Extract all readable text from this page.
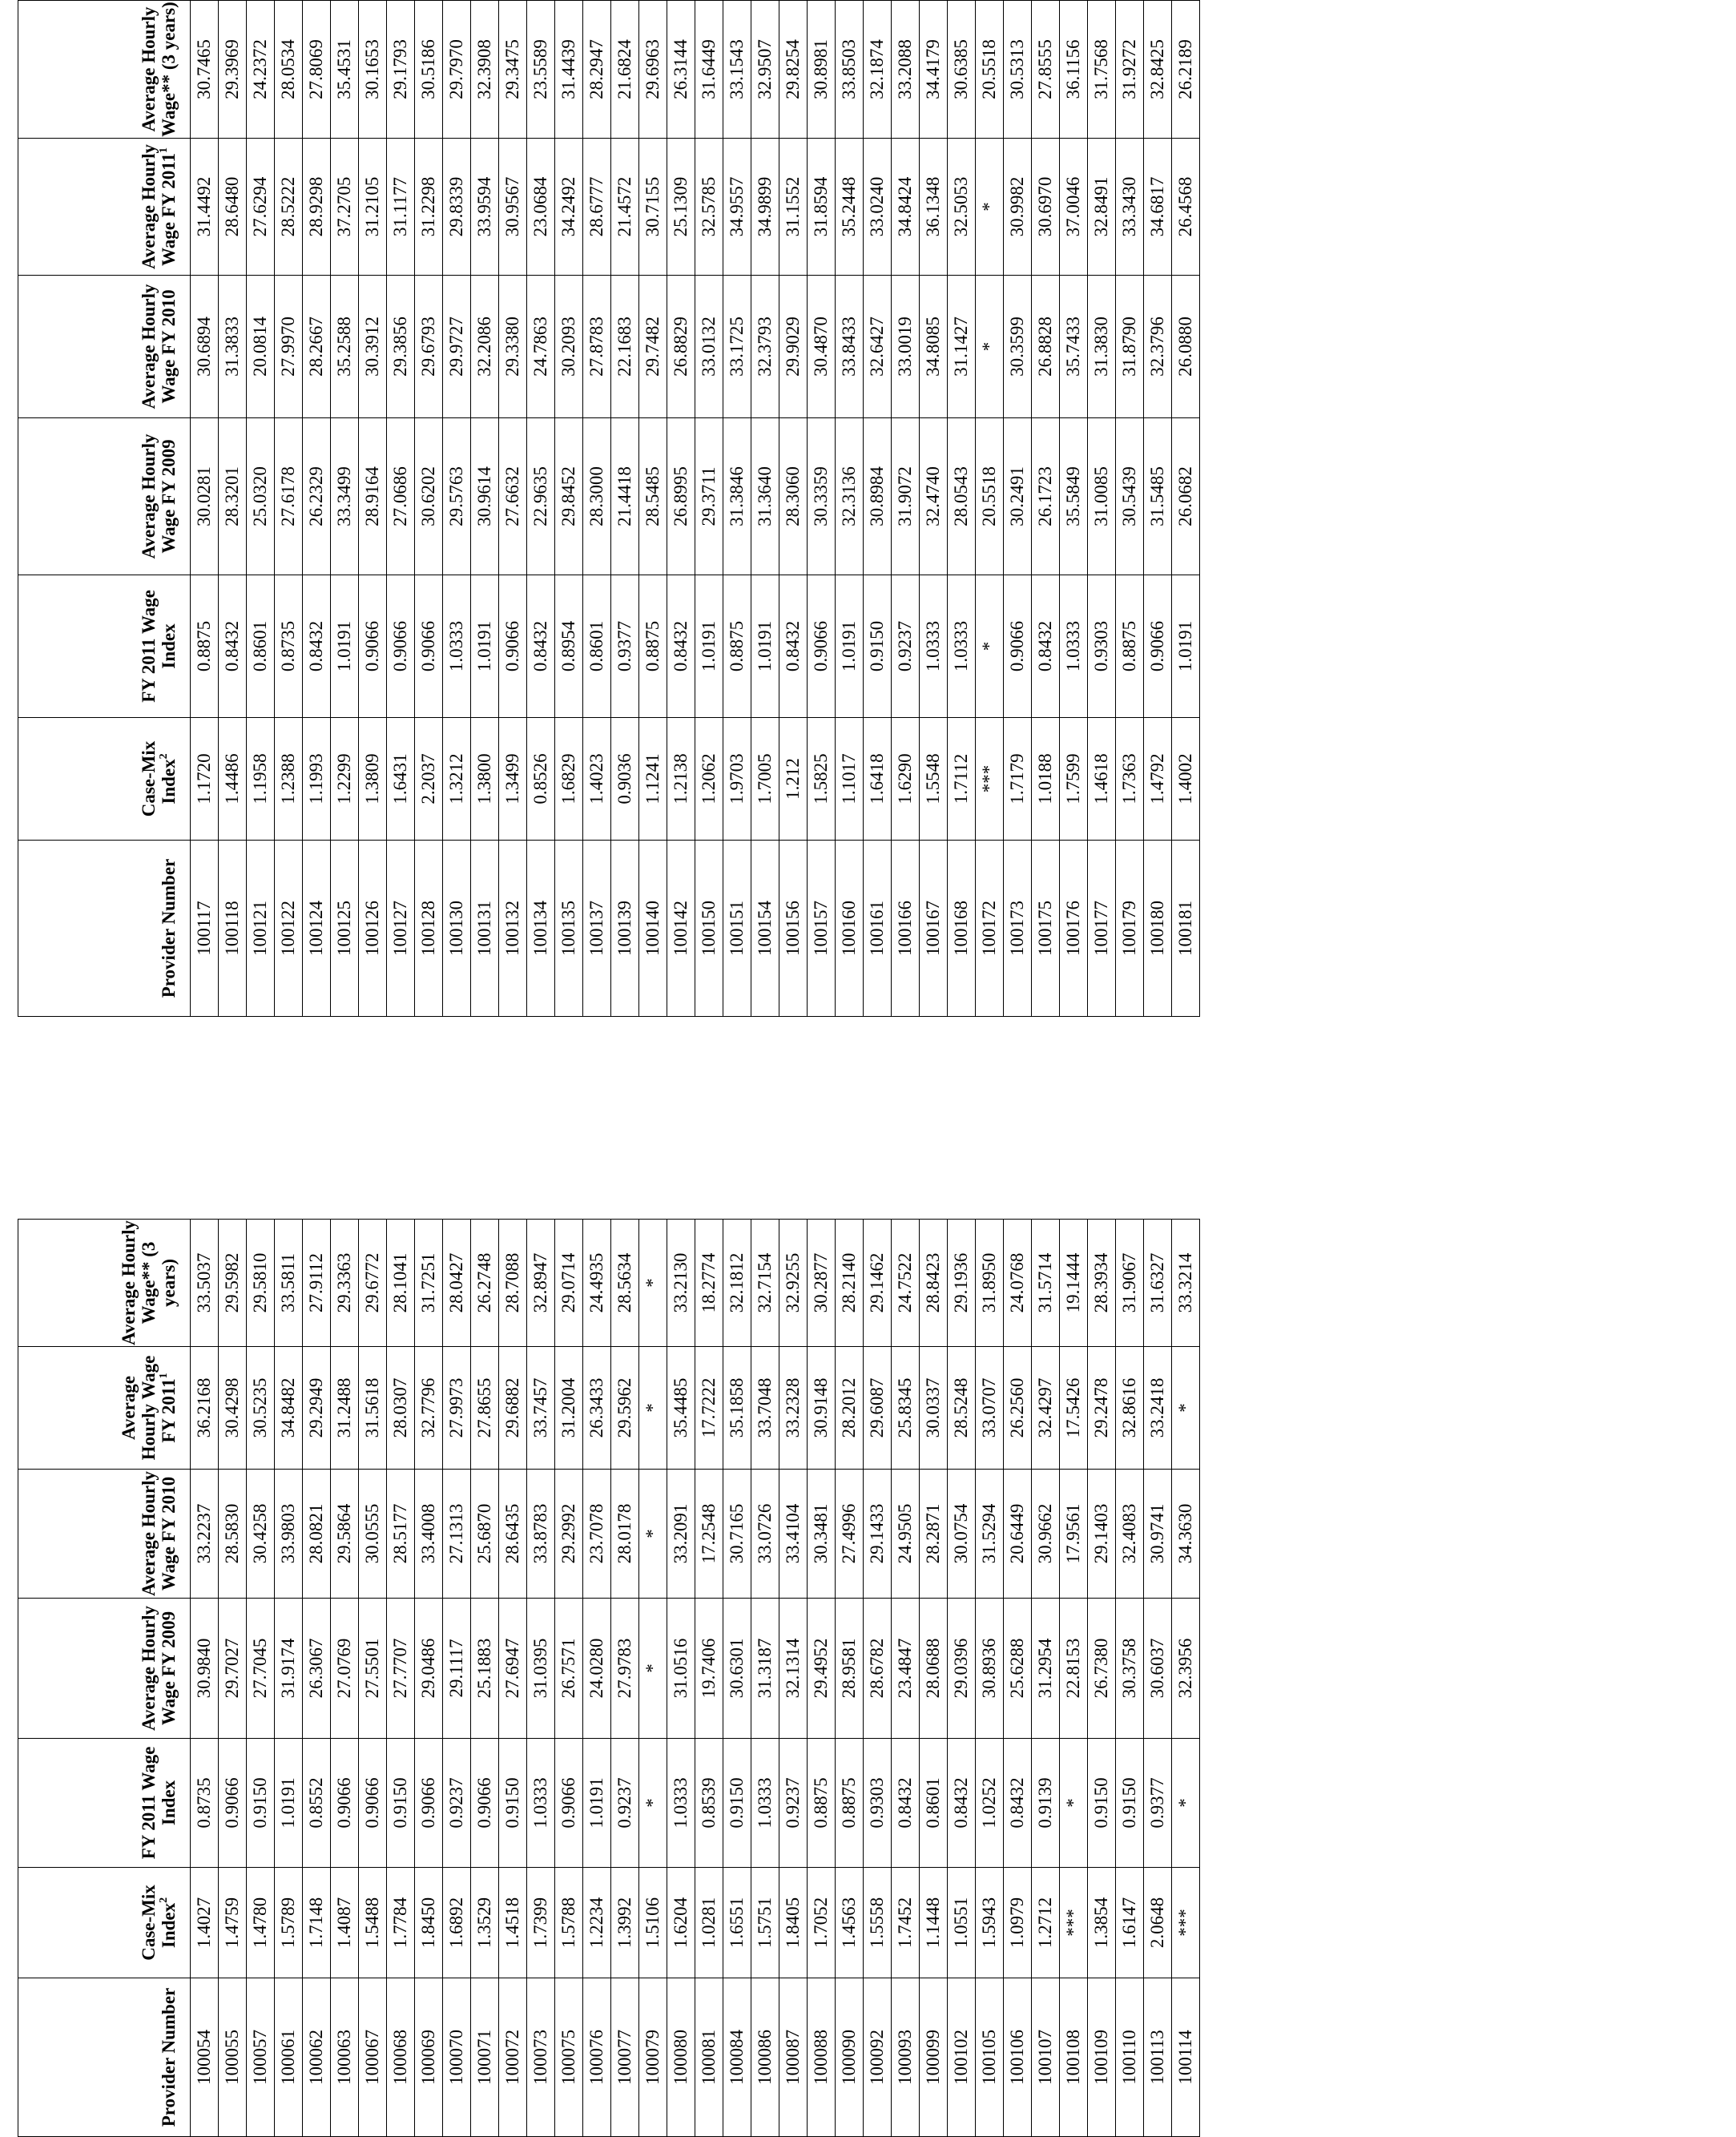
Provider Number	Case-Mix Index$^2$	FY 2011 Wage Index	Average Hourly Wage FY 2009	Average Hourly Wage FY 2010	Average Hourly Wage FY 2011$^1$	Average Hourly Wage** (3 years)
100054	1.4027	0.8735	30.9840	33.2237	36.2168	33.5037
100055	1.4759	0.9066	29.7027	28.5830	30.4298	29.5982
100057	1.4780	0.9150	27.7045	30.4258	30.5235	29.5810
100061	1.5789	1.0191	31.9174	33.9803	34.8482	33.5811
100062	1.7148	0.8552	26.3067	28.0821	29.2949	27.9112
100063	1.4087	0.9066	27.0769	29.5864	31.2488	29.3363
100067	1.5488	0.9066	27.5501	30.0555	31.5618	29.6772
100068	1.7784	0.9150	27.7707	28.5177	28.0307	28.1041
100069	1.8450	0.9066	29.0486	33.4008	32.7796	31.7251
100070	1.6892	0.9237	29.1117	27.1313	27.9973	28.0427
100071	1.3529	0.9066	25.1883	25.6870	27.8655	26.2748
100072	1.4518	0.9150	27.6947	28.6435	29.6882	28.7088
100073	1.7399	1.0333	31.0395	33.8783	33.7457	32.8947
100075	1.5788	0.9066	26.7571	29.2992	31.2004	29.0714
100076	1.2234	1.0191	24.0280	23.7078	26.3433	24.4935
100077	1.3992	0.9237	27.9783	28.0178	29.5962	28.5634
100079	1.5106	*	*	*	*	*
100080	1.6204	1.0333	31.0516	33.2091	35.4485	33.2130
100081	1.0281	0.8539	19.7406	17.2548	17.7222	18.2774
100084	1.6551	0.9150	30.6301	30.7165	35.1858	32.1812
100086	1.5751	1.0333	31.3187	33.0726	33.7048	32.7154
100087	1.8405	0.9237	32.1314	33.4104	33.2328	32.9255
100088	1.7052	0.8875	29.4952	30.3481	30.9148	30.2877
100090	1.4563	0.8875	28.9581	27.4996	28.2012	28.2140
100092	1.5558	0.9303	28.6782	29.1433	29.6087	29.1462
100093	1.7452	0.8432	23.4847	24.9505	25.8345	24.7522
100099	1.1448	0.8601	28.0688	28.2871	30.0337	28.8423
100102	1.0551	0.8432	29.0396	30.0754	28.5248	29.1936
100105	1.5943	1.0252	30.8936	31.5294	33.0707	31.8950
100106	1.0979	0.8432	25.6288	20.6449	26.2560	24.0768
100107	1.2712	0.9139	31.2954	30.9662	32.4297	31.5714
100108	***	*	22.8153	17.9561	17.5426	19.1444
100109	1.3854	0.9150	26.7380	29.1403	29.2478	28.3934
100110	1.6147	0.9150	30.3758	32.4083	32.8616	31.9067
100113	2.0648	0.9377	30.6037	30.9741	33.2418	31.6327
100114	***	*	32.3956	34.3630	*	33.3214
Provider Number	Case-Mix Index$^2$	FY 2011 Wage Index	Average Hourly Wage FY 2009	Average Hourly Wage FY 2010	Average Hourly Wage FY 2011$^1$	Average Hourly Wage** (3 years)
100117	1.1720	0.8875	30.0281	30.6894	31.4492	30.7465
100118	1.4486	0.8432	28.3201	31.3833	28.6480	29.3969
100121	1.1958	0.8601	25.0320	20.0814	27.6294	24.2372
100122	1.2388	0.8735	27.6178	27.9970	28.5222	28.0534
100124	1.1993	0.8432	26.2329	28.2667	28.9298	27.8069
100125	1.2299	1.0191	33.3499	35.2588	37.2705	35.4531
100126	1.3809	0.9066	28.9164	30.3912	31.2105	30.1653
100127	1.6431	0.9066	27.0686	29.3856	31.1177	29.1793
100128	2.2037	0.9066	30.6202	29.6793	31.2298	30.5186
100130	1.3212	1.0333	29.5763	29.9727	29.8339	29.7970
100131	1.3800	1.0191	30.9614	32.2086	33.9594	32.3908
100132	1.3499	0.9066	27.6632	29.3380	30.9567	29.3475
100134	0.8526	0.8432	22.9635	24.7863	23.0684	23.5589
100135	1.6829	0.8954	29.8452	30.2093	34.2492	31.4439
100137	1.4023	0.8601	28.3000	27.8783	28.6777	28.2947
100139	0.9036	0.9377	21.4418	22.1683	21.4572	21.6824
100140	1.1241	0.8875	28.5485	29.7482	30.7155	29.6963
100142	1.2138	0.8432	26.8995	26.8829	25.1309	26.3144
100150	1.2062	1.0191	29.3711	33.0132	32.5785	31.6449
100151	1.9703	0.8875	31.3846	33.1725	34.9557	33.1543
100154	1.7005	1.0191	31.3640	32.3793	34.9899	32.9507
100156	1.212	0.8432	28.3060	29.9029	31.1552	29.8254
100157	1.5825	0.9066	30.3359	30.4870	31.8594	30.8981
100160	1.1017	1.0191	32.3136	33.8433	35.2448	33.8503
100161	1.6418	0.9150	30.8984	32.6427	33.0240	32.1874
100166	1.6290	0.9237	31.9072	33.0019	34.8424	33.2088
100167	1.5548	1.0333	32.4740	34.8085	36.1348	34.4179
100168	1.7112	1.0333	28.0543	31.1427	32.5053	30.6385
100172	***	*	20.5518	*	*	20.5518
100173	1.7179	0.9066	30.2491	30.3599	30.9982	30.5313
100175	1.0188	0.8432	26.1723	26.8828	30.6970	27.8555
100176	1.7599	1.0333	35.5849	35.7433	37.0046	36.1156
100177	1.4618	0.9303	31.0085	31.3830	32.8491	31.7568
100179	1.7363	0.8875	30.5439	31.8790	33.3430	31.9272
100180	1.4792	0.9066	31.5485	32.3796	34.6817	32.8425
100181	1.4002	1.0191	26.0682	26.0880	26.4568	26.2189
